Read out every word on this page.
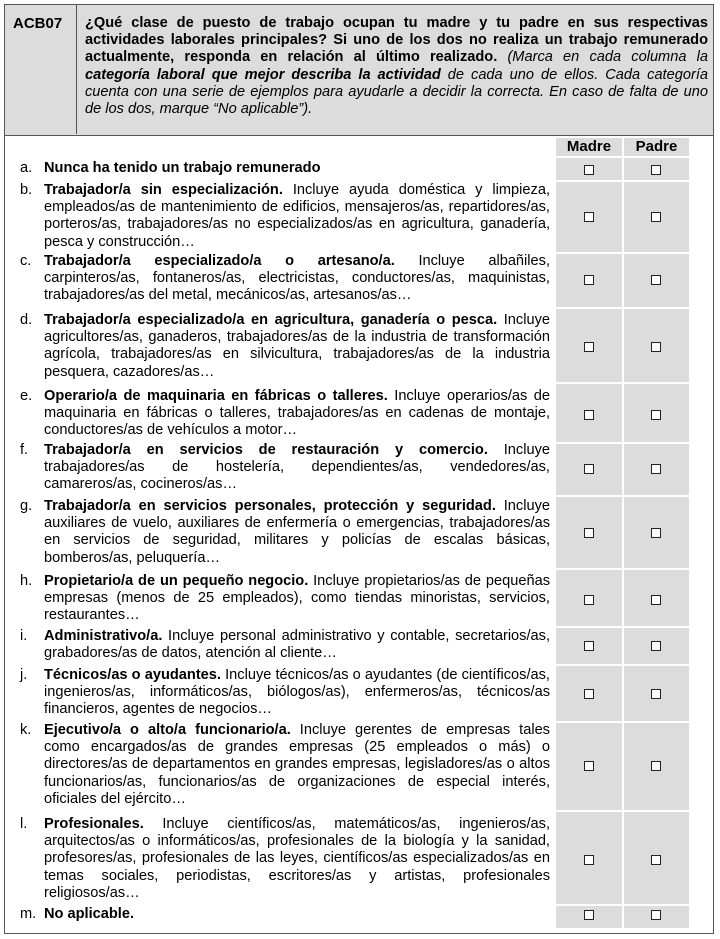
ACB07	¿Qué clase de puesto de trabajo ocupan tu madre y tu padre en sus respectivas actividades laborales principales? Si uno de los dos no realiza un trabajo remunerado actualmente, responda en relación al último realizado. (Marca en cada columna la categoría laboral que mejor describa la actividad de cada uno de ellos. Cada categoría cuenta con una serie de ejemplos para ayudarle a decidir la correcta. En caso de falta de uno de los dos, marque “No aplicable”).
Madre	Padre
a. Nunca ha tenido un trabajo remunerado
b. Trabajador/a sin especialización. Incluye ayuda doméstica y limpieza, empleados/as de mantenimiento de edificios, mensajeros/as, repartidores/as, porteros/as, trabajadores/as no especializados/as en agricultura, ganadería, pesca y construcción…
c. Trabajador/a especializado/a o artesano/a. Incluye albañiles, carpinteros/as, fontaneros/as, electricistas, conductores/as, maquinistas, trabajadores/as del metal, mecánicos/as, artesanos/as…
d. Trabajador/a especializado/a en agricultura, ganadería o pesca. Incluye agricultores/as, ganaderos, trabajadores/as de la industria de transformación agrícola, trabajadores/as en silvicultura, trabajadores/as de la industria pesquera, cazadores/as…
e. Operario/a de maquinaria en fábricas o talleres. Incluye operarios/as de maquinaria en fábricas o talleres, trabajadores/as en cadenas de montaje, conductores/as de vehículos a motor…
f.	Trabajador/a en servicios de restauración y comercio. Incluye trabajadores/as de hostelería, dependientes/as, vendedores/as, camareros/as, cocineros/as…
g. Trabajador/a en servicios personales, protección y seguridad. Incluye auxiliares de vuelo, auxiliares de enfermería o emergencias, trabajadores/as en servicios de seguridad, militares y policías de escalas básicas, bomberos/as, peluquería…
h. Propietario/a de un pequeño negocio. Incluye propietarios/as de pequeñas empresas (menos de 25 empleados), como tiendas minoristas, servicios, restaurantes…
i.	Administrativo/a. Incluye personal administrativo y contable, secretarios/as, grabadores/as de datos, atención al cliente…
j.	Técnicos/as o ayudantes. Incluye técnicos/as o ayudantes (de científicos/as, ingenieros/as, informáticos/as, biólogos/as), enfermeros/as, técnicos/as financieros, agentes de negocios…
k. Ejecutivo/a o alto/a funcionario/a. Incluye gerentes de empresas tales como encargados/as de grandes empresas (25 empleados o más) o directores/as de departamentos en grandes empresas, legisladores/as o altos funcionarios/as, funcionarios/as de organizaciones de especial interés, oficiales del ejército…
l.	Profesionales. Incluye científicos/as, matemáticos/as, ingenieros/as, arquitectos/as o informáticos/as, profesionales de la biología y la sanidad, profesores/as, profesionales de las leyes, científicos/as especializados/as en temas sociales, periodistas, escritores/as y artistas, profesionales religiosos/as…
m. No aplicable.
